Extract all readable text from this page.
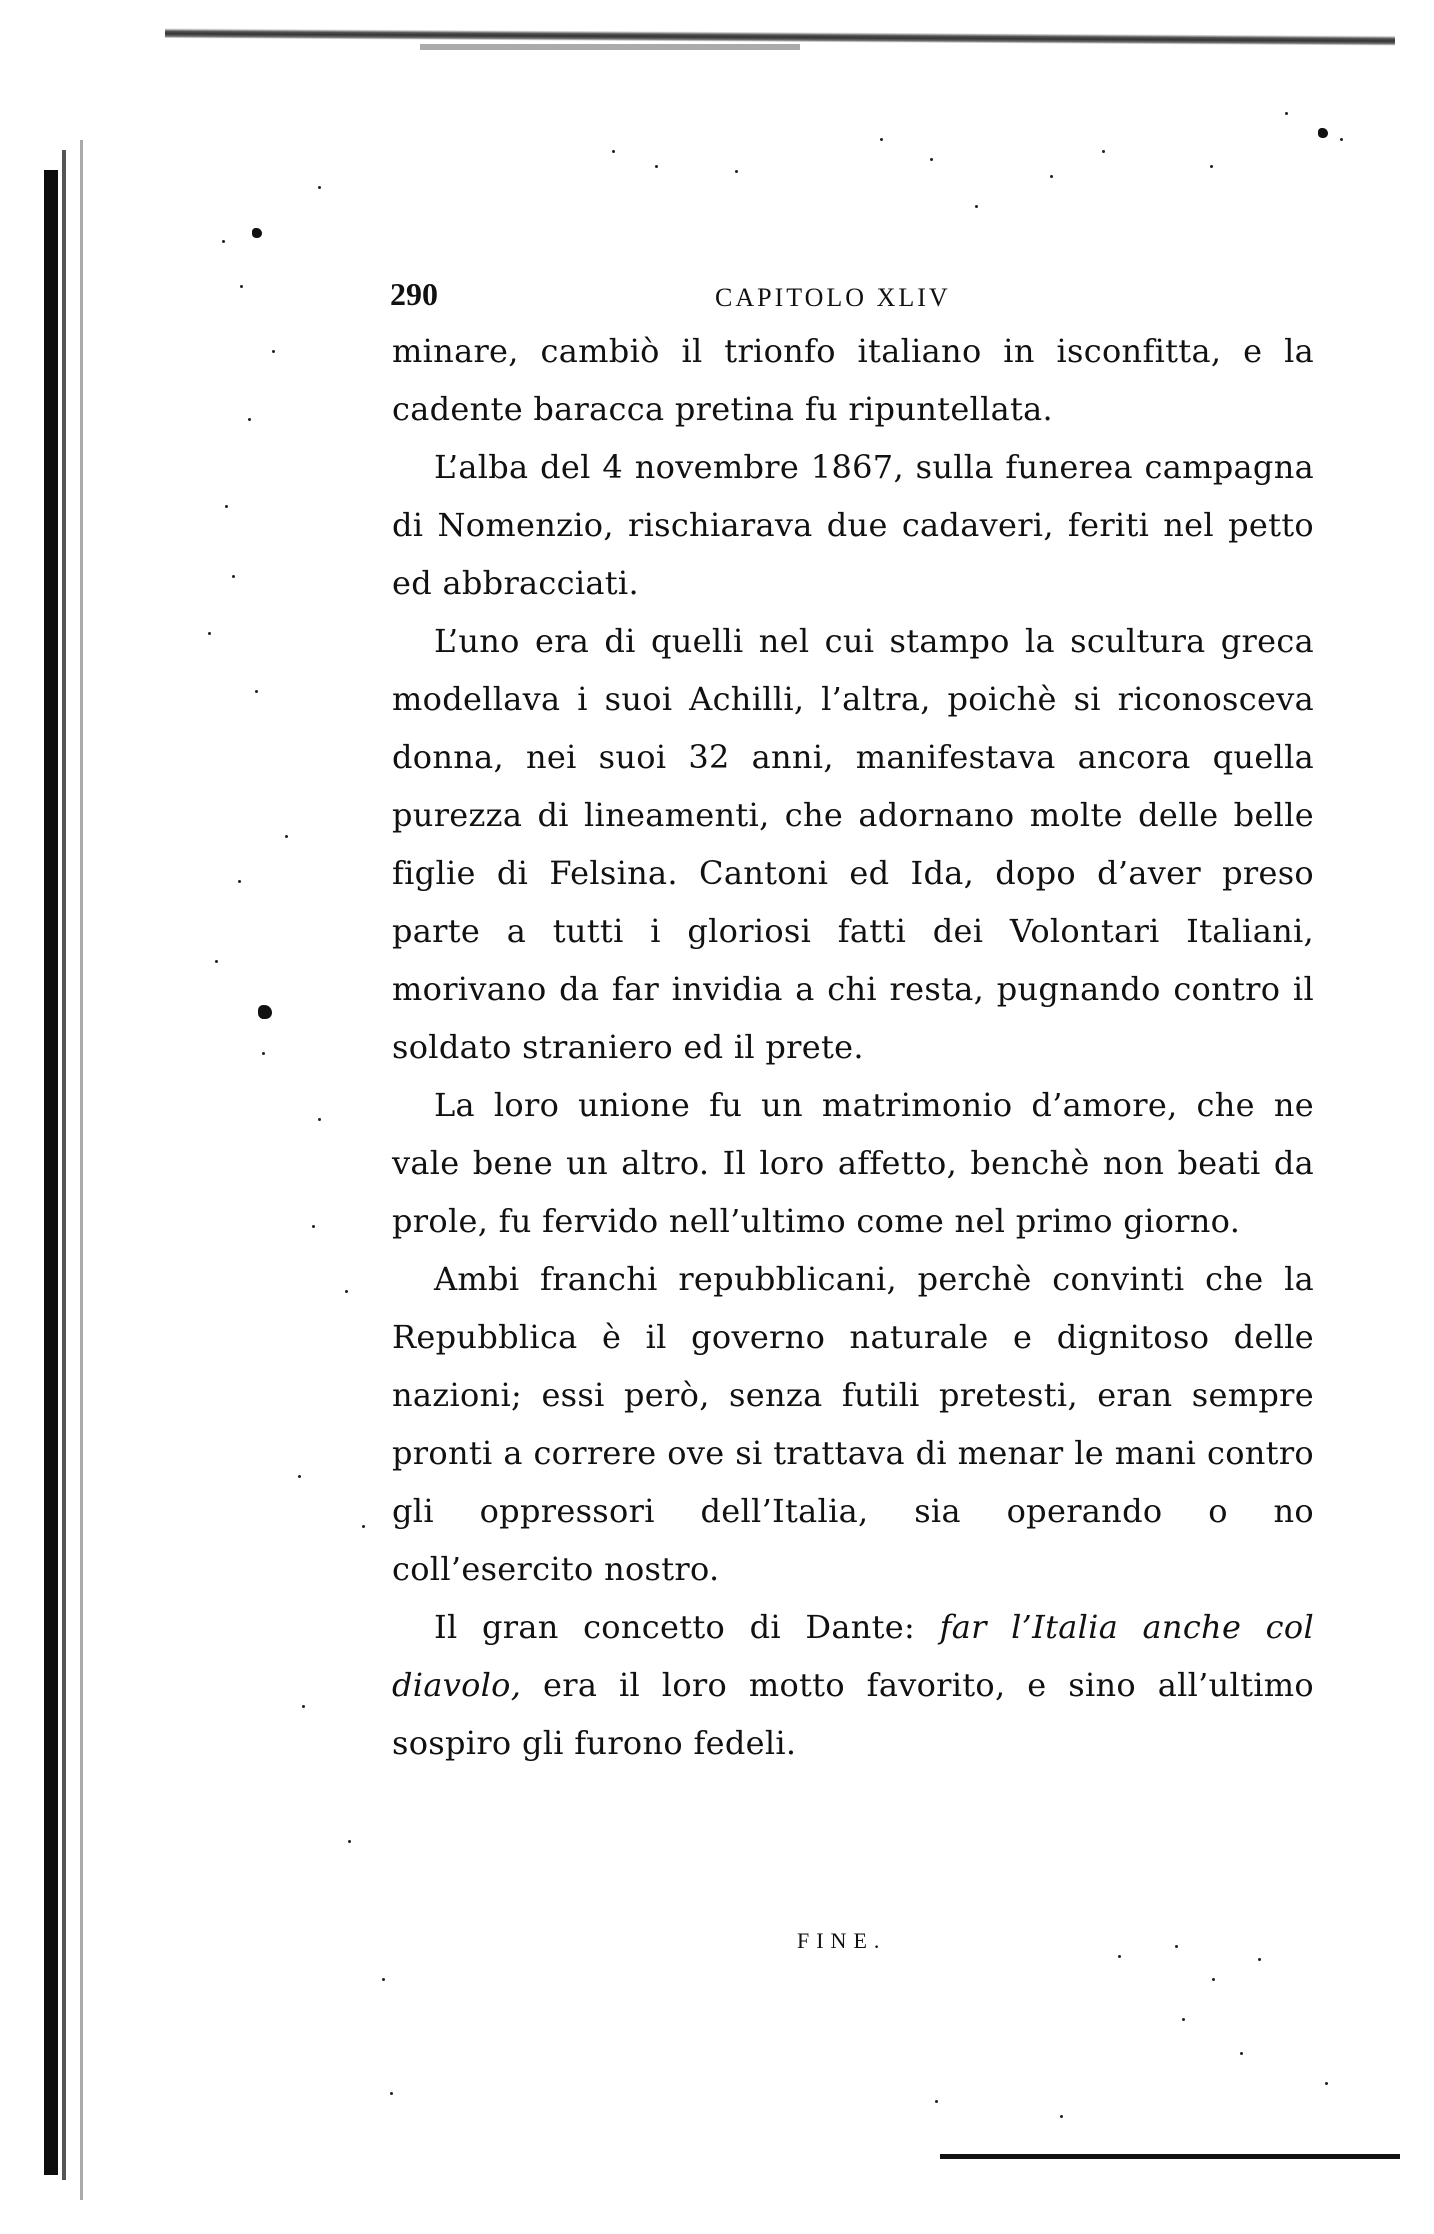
290	CAPITOLO XLIV

minare, cambiò il trionfo italiano in isconfitta, e la cadente baracca pretina fu ripuntellata.

L’alba del 4 novembre 1867, sulla funerea campagna di Nomenzio, rischiarava due cadaveri, feriti nel petto ed abbracciati.

L’uno era di quelli nel cui stampo la scultura greca modellava i suoi Achilli, l’altra, poichè si riconosceva donna, nei suoi 32 anni, manifestava ancora quella purezza di lineamenti, che adornano molte delle belle figlie di Felsina. Cantoni ed Ida, dopo d’aver preso parte a tutti i gloriosi fatti dei Volontari Italiani, morivano da far invidia a chi resta, pugnando contro il soldato straniero ed il prete.

La loro unione fu un matrimonio d’amore, che ne vale bene un altro. Il loro affetto, benchè non beati da prole, fu fervido nell’ultimo come nel primo giorno.

Ambi franchi repubblicani, perchè convinti che la Repubblica è il governo naturale e dignitoso delle nazioni; essi però, senza futili pretesti, eran sempre pronti a correre ove si trattava di menar le mani contro gli oppressori dell’Italia, sia operando o no coll’esercito nostro.

Il gran concetto di Dante: far l’Italia anche col diavolo, era il loro motto favorito, e sino all’ultimo sospiro gli furono fedeli.

FINE.
